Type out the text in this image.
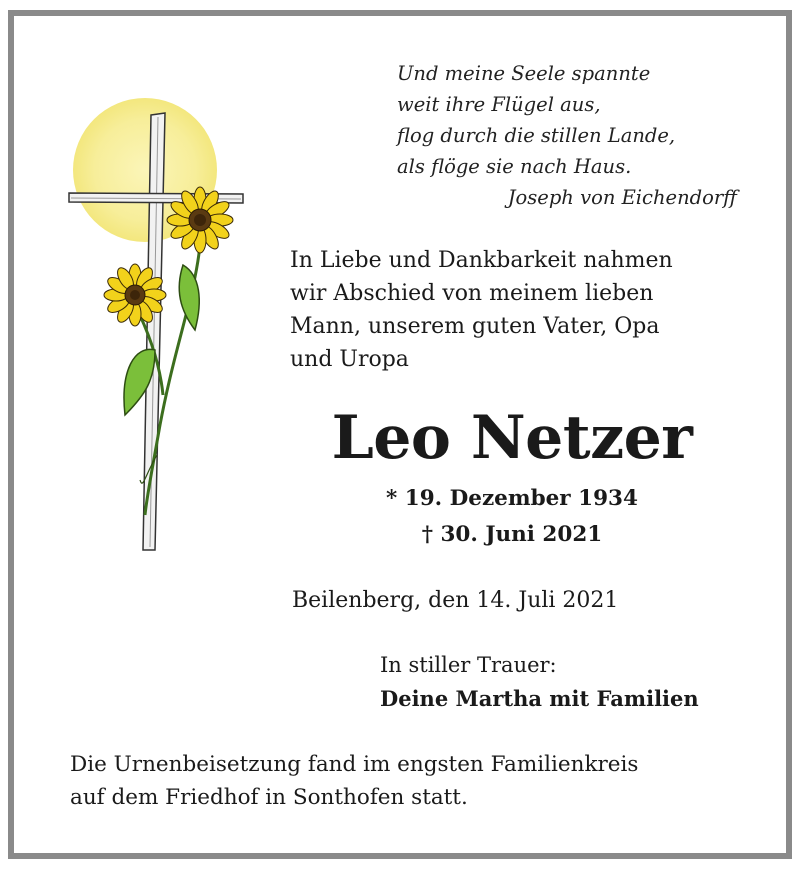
Und meine Seele spannte
weit ihre Flügel aus,
flog durch die stillen Lande,
als flöge sie nach Haus.
Joseph von Eichendorff
In Liebe und Dankbarkeit nahmen
wir Abschied von meinem lieben
Mann, unserem guten Vater, Opa
und Uropa
Leo Netzer
* 19. Dezember 1934
† 30. Juni 2021
Beilenberg, den 14. Juli 2021
In stiller Trauer:
Deine Martha mit Familien
Die Urnenbeisetzung fand im engsten Familienkreis
auf dem Friedhof in Sonthofen statt.
